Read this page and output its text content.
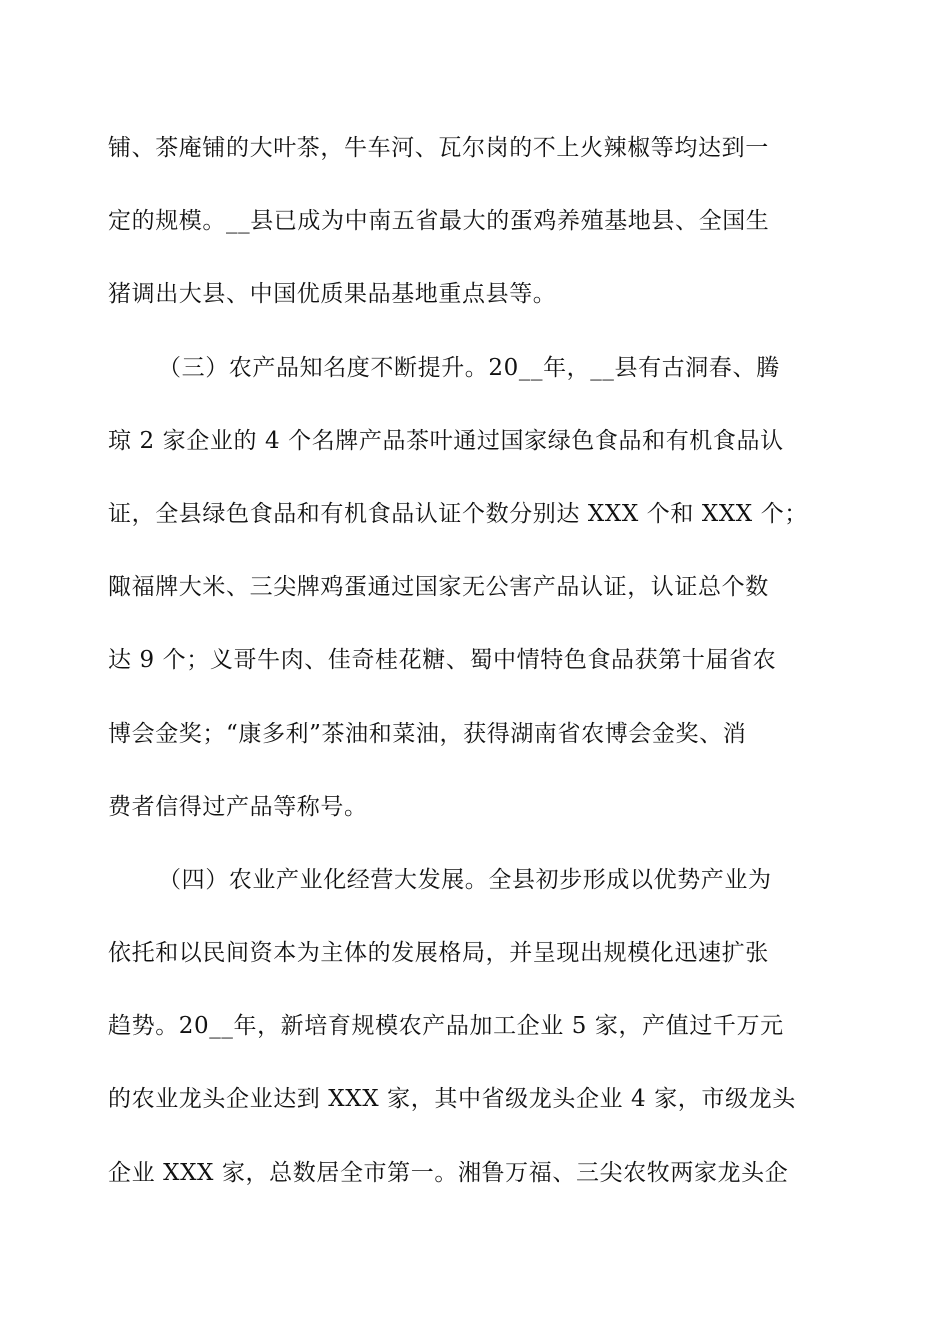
铺、茶庵铺的大叶茶，牛车河、瓦尔岗的不上火辣椒等均达到一
定的规模。__县已成为中南五省最大的蛋鸡养殖基地县、全国生
猪调出大县、中国优质果品基地重点县等。
（三）农产品知名度不断提升。20__年，__县有古洞春、腾
琼 2 家企业的 4 个名牌产品茶叶通过国家绿色食品和有机食品认
证，全县绿色食品和有机食品认证个数分别达 XXX 个和 XXX 个；
陬福牌大米、三尖牌鸡蛋通过国家无公害产品认证，认证总个数
达 9 个；义哥牛肉、佳奇桂花糖、蜀中情特色食品获第十届省农
博会金奖；“康多利”茶油和菜油，获得湖南省农博会金奖、消
费者信得过产品等称号。
（四）农业产业化经营大发展。全县初步形成以优势产业为
依托和以民间资本为主体的发展格局，并呈现出规模化迅速扩张
趋势。20__年，新培育规模农产品加工企业 5 家，产值过千万元
的农业龙头企业达到 XXX 家，其中省级龙头企业 4 家，市级龙头
企业 XXX 家，总数居全市第一。湘鲁万福、三尖农牧两家龙头企
